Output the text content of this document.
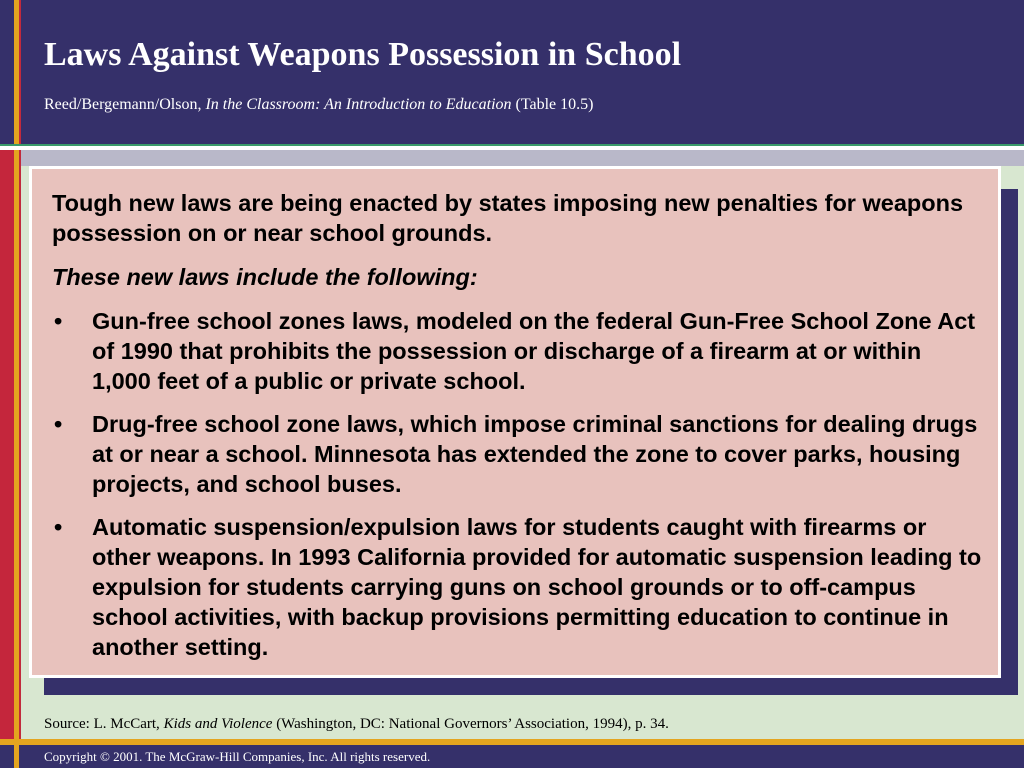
Laws Against Weapons Possession in School
Reed/Bergemann/Olson, In the Classroom: An Introduction to Education (Table 10.5)

Tough new laws are being enacted by states imposing new penalties for weapons possession on or near school grounds.

These new laws include the following:

•	Gun-free school zones laws, modeled on the federal Gun-Free School Zone Act of 1990 that prohibits the possession or discharge of a firearm at or within 1,000 feet of a public or private school.
•	Drug-free school zone laws, which impose criminal sanctions for dealing drugs at or near a school. Minnesota has extended the zone to cover parks, housing projects, and school buses.
•	Automatic suspension/expulsion laws for students caught with firearms or other weapons. In 1993 California provided for automatic suspension leading to expulsion for students carrying guns on school grounds or to off-campus school activities, with backup provisions permitting education to continue in another setting.
Source: L. McCart, Kids and Violence (Washington, DC: National Governors’ Association, 1994), p. 34.
Copyright © 2001. The McGraw-Hill Companies, Inc. All rights reserved.
